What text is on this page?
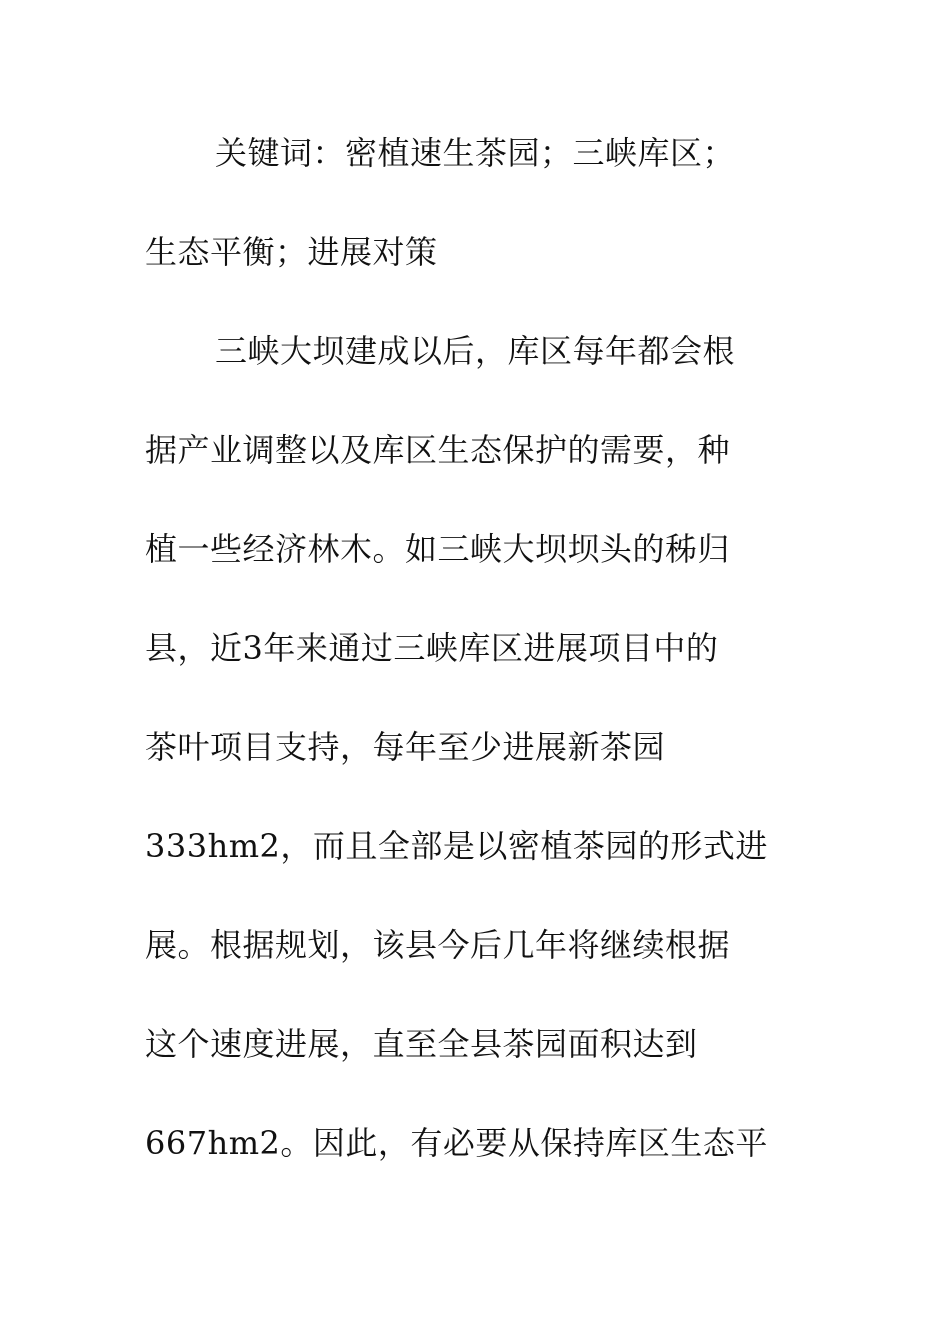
关键词：密植速生茶园；三峡库区；
生态平衡；进展对策
三峡大坝建成以后，库区每年都会根
据产业调整以及库区生态保护的需要，种
植一些经济林木。如三峡大坝坝头的秭归
县，近3年来通过三峡库区进展项目中的
茶叶项目支持，每年至少进展新茶园
333hm2，而且全部是以密植茶园的形式进
展。根据规划，该县今后几年将继续根据
这个速度进展，直至全县茶园面积达到
667hm2。因此，有必要从保持库区生态平
